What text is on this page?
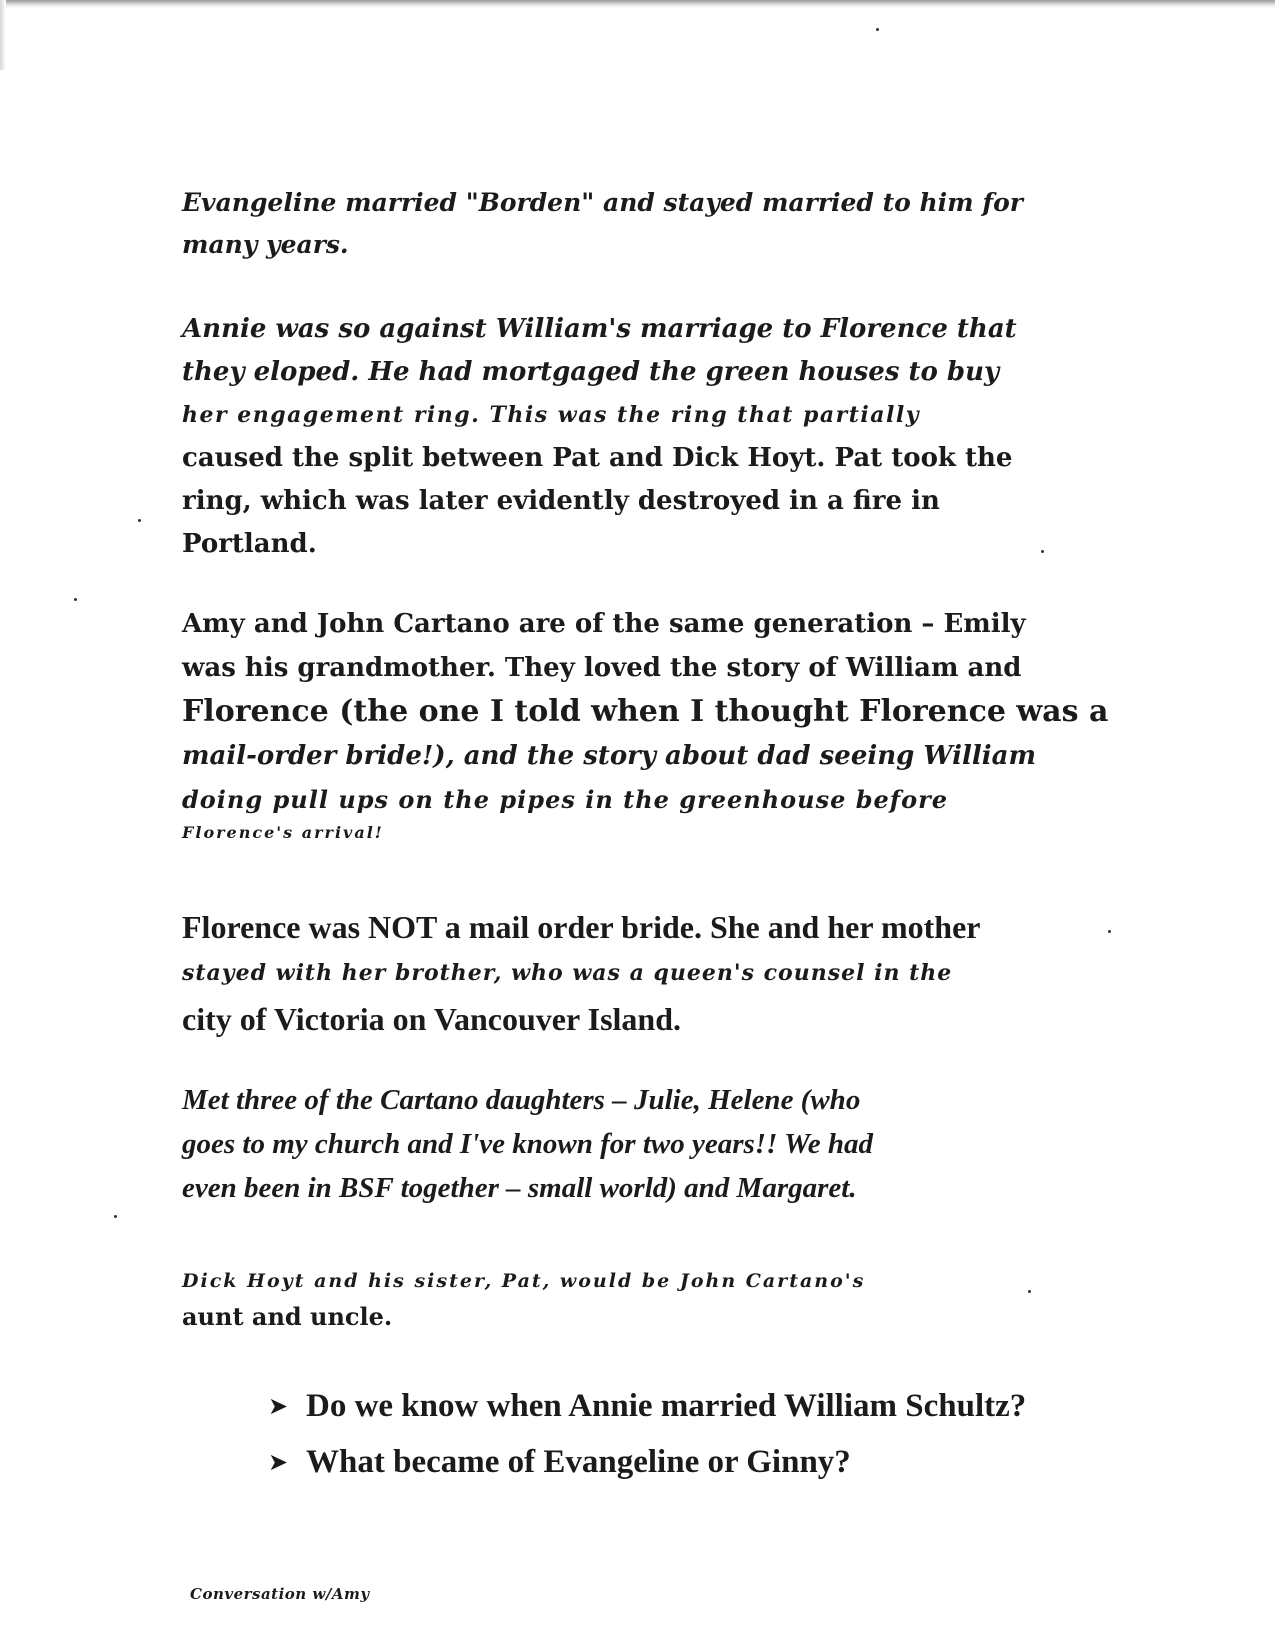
Evangeline married "Borden" and stayed married to him for
many years.

Annie was so against William's marriage to Florence that
they eloped. He had mortgaged the green houses to buy
her engagement ring. This was the ring that partially
caused the split between Pat and Dick Hoyt. Pat took the
ring, which was later evidently destroyed in a fire in
Portland.

Amy and John Cartano are of the same generation – Emily
was his grandmother. They loved the story of William and
Florence (the one I told when I thought Florence was a
mail-order bride!), and the story about dad seeing William
doing pull ups on the pipes in the greenhouse before
Florence's arrival!

Florence was NOT a mail order bride. She and her mother
stayed with her brother, who was a queen's counsel in the
city of Victoria on Vancouver Island.

Met three of the Cartano daughters – Julie, Helene (who
goes to my church and I've known for two years!! We had
even been in BSF together – small world) and Margaret.

Dick Hoyt and his sister, Pat, would be John Cartano's
aunt and uncle.

➤ Do we know when Annie married William Schultz?
➤ What became of Evangeline or Ginny?
Conversation w/Amy
